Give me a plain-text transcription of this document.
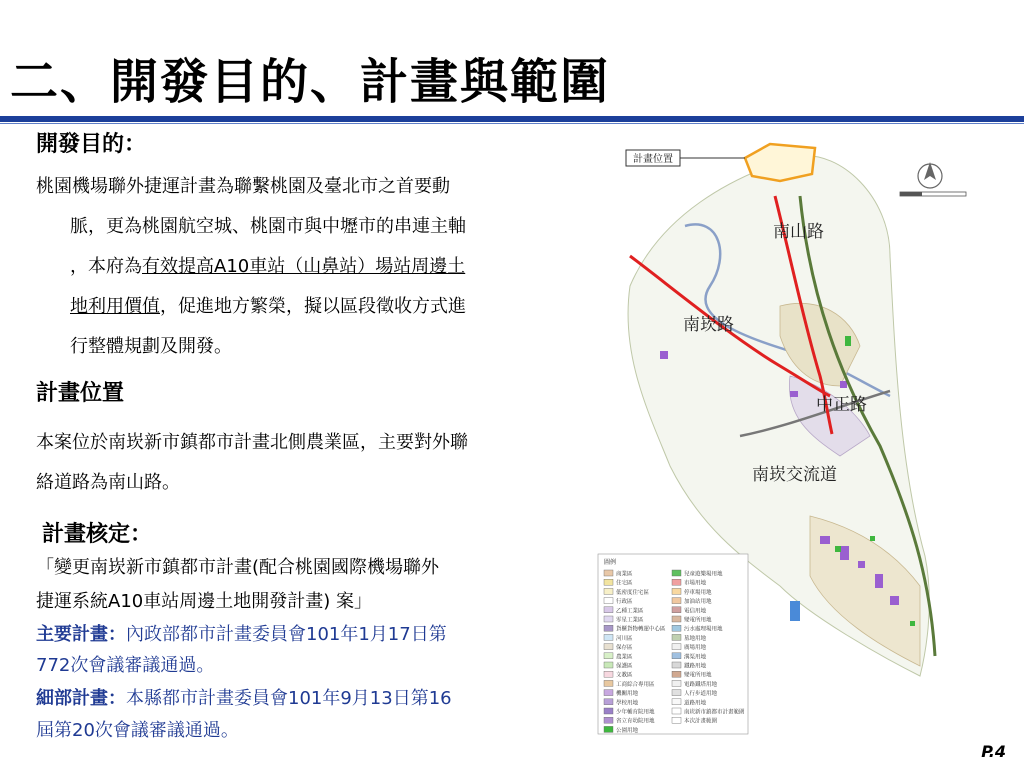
二、開發目的、計畫與範圍
開發目的：
桃園機場聯外捷運計畫為聯繫桃園及臺北市之首要動
脈，更為桃園航空城、桃園市與中壢市的串連主軸
，本府為有效提高A10車站（山鼻站）場站周邊土
地利用價值，促進地方繁榮，擬以區段徵收方式進
行整體規劃及開發。
計畫位置
本案位於南崁新市鎮都市計畫北側農業區，主要對外聯
絡道路為南山路。
計畫核定：
「變更南崁新市鎮都市計畫(配合桃園國際機場聯外
捷運系統A10車站周邊土地開發計畫) 案」
主要計畫：內政部都市計畫委員會101年1月17日第
772次會議審議通過。
細部計畫：本縣都市計畫委員會101年9月13日第16
屆第20次會議審議通過。
計畫位置
南山路
南崁路
中正路
南崁交流道
圖例
商業區
住宅區
低密度住宅區
行政區
乙種工業區
零星工業區
貨櫃貨物轉運中心區
河川區
保存區
農業區
保護區
文教區
工商綜合專用區
機關用地
學校用地
少年輔育院用地
省立育幼院用地
公園用地
兒童遊樂場用地
市場用地
停車場用地
加油站用地
電信用地
變電所用地
污水處理場用地
墓地用地
廣場用地
溝渠用地
鐵路用地
變電所用地
電路鐵塔用地
人行步道用地
道路用地
南崁新市鎮都市計畫範圍
本次計畫範圍
P.4
